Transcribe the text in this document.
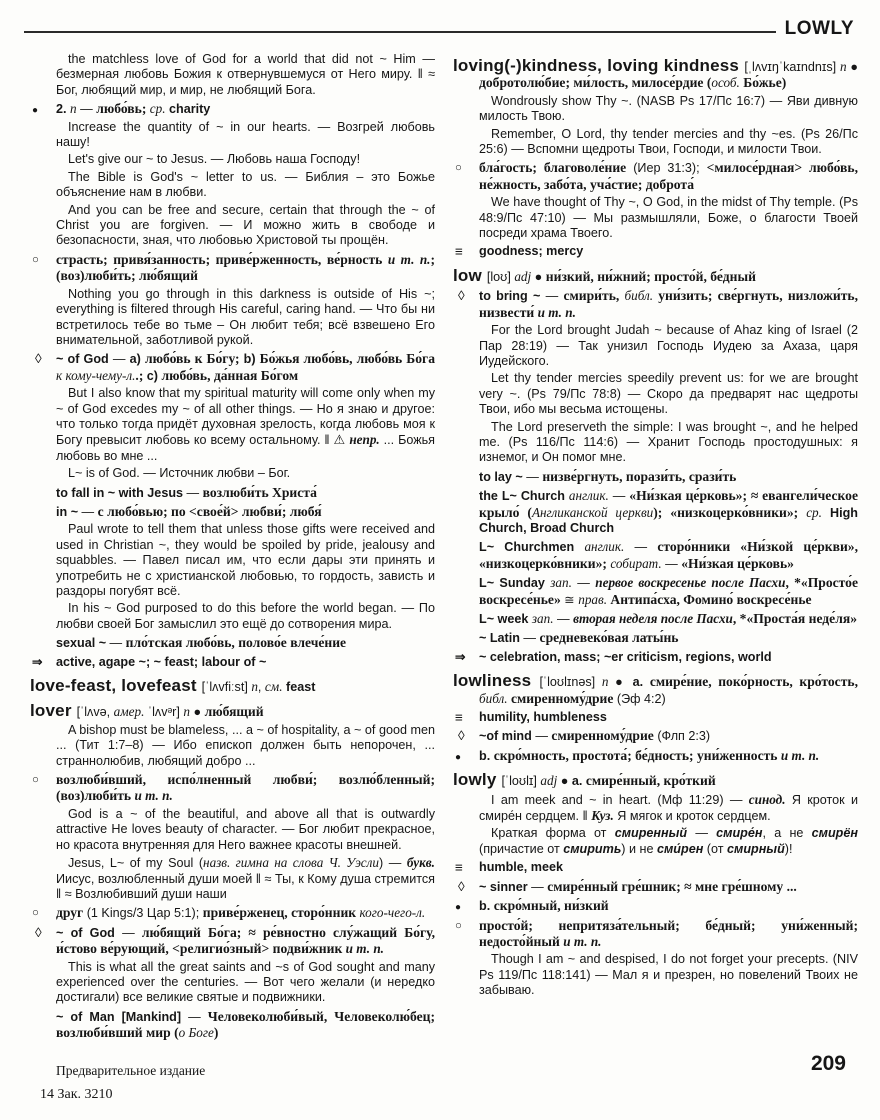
LOWLY

the matchless love of God for a world that did not ~ Him — безмерная любовь Божия к отвернувшемуся от Него миру. ‖ ≈ Бог, любящий мир, и мир, не любящий Бога.

● 2. n — любо́вь; ср. charity

Increase the quantity of ~ in our hearts. — Возгрей любовь нашу!

Let's give our ~ to Jesus. — Любовь наша Господу!

The Bible is God's ~ letter to us. — Библия – это Божье объяснение нам в любви.

And you can be free and secure, certain that through the ~ of Christ you are forgiven. — И можно жить в свободе и безопасности, зная, что любовью Христовой ты прощён.

○ страсть; привя́занность; приве́рженность, ве́рность и т. п.; (воз)люби́ть; лю́бящий

Nothing you go through in this darkness is outside of His ~; everything is filtered through His careful, caring hand. — Что бы ни встретилось тебе во тьме – Он любит тебя; всё взвешено Его внимательной, заботливой рукой.

◊ ~ of God — a) любо́вь к Бо́гу; b) Бо́жья любо́вь, любо́вь Бо́га к кому-чему-л..; c) любо́вь, да́нная Бо́гом

But I also know that my spiritual maturity will come only when my ~ of God excedes my ~ of all other things. — Но я знаю и другое: что только тогда придёт духовная зрелость, когда любовь моя к Богу превысит любовь ко всему остальному. ‖ ⚠ непр. ... Божья любовь во мне ...

L~ is of God. — Источник любви – Бог.

to fall in ~ with Jesus — возлюби́ть Христа́

in ~ — с любо́вью; по <свое́й> любви́; любя́

Paul wrote to tell them that unless those gifts were received and used in Christian ~, they would be spoiled by pride, jealousy and squabbles. — Павел писал им, что если дары эти принять и употребить не с христианской любовью, то гордость, зависть и раздоры погубят всё.

In his ~ God purposed to do this before the world began. — По любви своей Бог замыслил это ещё до сотворения мира.

sexual ~ — пло́тская любо́вь, полово́е влече́ние

⇒ active, agape ~; ~ feast; labour of ~

love-feast, lovefeast [ˈlʌvfiːst] n, см. feast

lover [ˈlʌvə, амер. ˈlʌvᵊr] n ● лю́бящий

A bishop must be blameless, ... a ~ of hospitality, a ~ of good men ... (Тит 1:7–8) — Ибо епископ должен быть непорочен, ... страннолюбив, любящий добро ...

○ возлюби́вший, испо́лненный любви́; возлю́бленный; (воз)люби́ть и т. п.

God is a ~ of the beautiful, and above all that is outwardly attractive He loves beauty of character. — Бог любит прекрасное, но красота внутренняя для Него важнее красоты внешней.

Jesus, L~ of my Soul (назв. гимна на слова Ч. Уэсли) — букв. Иисус, возлюбленный души моей ‖ ≈ Ты, к Кому душа стремится ‖ ≈ Возлюбивший души наши

○ друг (1 Kings/3 Цар 5:1); приве́рженец, сторо́нник кого-чего-л.

◊ ~ of God — лю́бящий Бо́га; ≈ ре́вностно слу́жащий Бо́гу, и́стово ве́рующий, <религио́зный> подви́жник и т. п.

This is what all the great saints and ~s of God sought and many experienced over the centuries. — Вот чего желали (и нередко достигали) все великие святые и подвижники.

~ of Man [Mankind] — Человеколюби́вый, Человеколю́бец; возлюби́вший мир (о Боге)

loving(-)kindness, loving kindness [ˌlʌvɪŋˈkaɪndnɪs] n ● добротолю́бие; ми́лость, милосе́рдие (особ. Бо́жье)

Wondrously show Thy ~. (NASB Ps 17/Пс 16:7) — Яви дивную милость Твою.

Remember, O Lord, thy tender mercies and thy ~es. (Ps 26/Пс 25:6) — Вспомни щедроты Твои, Господи, и милости Твои.

○ бла́гость; благоволе́ние (Иер 31:3); <милосе́рдная> любо́вь, не́жность, забо́та, уча́стие; доброта́

We have thought of Thy ~, O God, in the midst of Thy temple. (Ps 48:9/Пс 47:10) — Мы размышляли, Боже, о благости Твоей посреди храма Твоего.

≡ goodness; mercy

low [loʊ] adj ● ни́зкий, ни́жний; просто́й, бе́дный

◊ to bring ~ — смири́ть, библ. уни́зить; све́ргнуть, низложи́ть, низвести́ и т. п.

For the Lord brought Judah ~ because of Ahaz king of Israel (2 Пар 28:19) — Так унизил Господь Иудею за Ахаза, царя Иудейского.

Let thy tender mercies speedily prevent us: for we are brought very ~. (Ps 79/Пс 78:8) — Скоро да предварят нас щедроты Твои, ибо мы весьма истощены.

The Lord preserveth the simple: I was brought ~, and he helped me. (Ps 116/Пс 114:6) — Хранит Господь простодушных: я изнемог, и Он помог мне.

to lay ~ — низве́ргнуть, порази́ть, срази́ть

the L~ Church англик. — «Ни́зкая це́рковь»; ≈ евангели́ческое крыло́ (Англиканской церкви); «низкоцерко́вники»; ср. High Church, Broad Church

L~ Churchmen англик. — сторо́нники «Ни́зкой це́ркви», «низкоцерко́вники»; собират. — «Ни́зкая це́рковь»

L~ Sunday зап. — первое воскресенье после Пасхи, *«Просто́е воскресе́нье» ≅ прав. Антипа́сха, Фомино́ воскресе́нье

L~ week зап. — вторая неделя после Пасхи, *«Проста́я неде́ля»

~ Latin — средневеко́вая латы́нь

⇒ ~ celebration, mass; ~er criticism, regions, world

lowliness [ˈloʊlɪnəs] n ● a. смире́ние, поко́рность, кро́тость, библ. смиренному́дрие (Эф 4:2)

≡ humility, humbleness

◊ ~of mind — смиренному́дрие (Флп 2:3)

● b. скро́мность, простота́; бе́дность; уни́женность и т. п.

lowly [ˈloʊlɪ] adj ● a. смире́нный, кро́ткий

I am meek and ~ in heart. (Мф 11:29) — синод. Я кроток и смире́н сердцем. ‖ Куз. Я мягок и кроток сердцем.

Краткая форма от смиренный — смире́н, а не смирён (причастие от смирить) и не сми́рен (от смирный)!

≡ humble, meek

◊ ~ sinner — смире́нный гре́шник; ≈ мне гре́шному ...

● b. скро́мный, ни́зкий

○ просто́й; непритяза́тельный; бе́дный; уни́женный; недосто́йный и т. п.

Though I am ~ and despised, I do not forget your precepts. (NIV Ps 119/Пс 118:141) — Мал я и презрен, но повелений Твоих не забываю.

Предварительное издание
14 Зак. 3210
209
